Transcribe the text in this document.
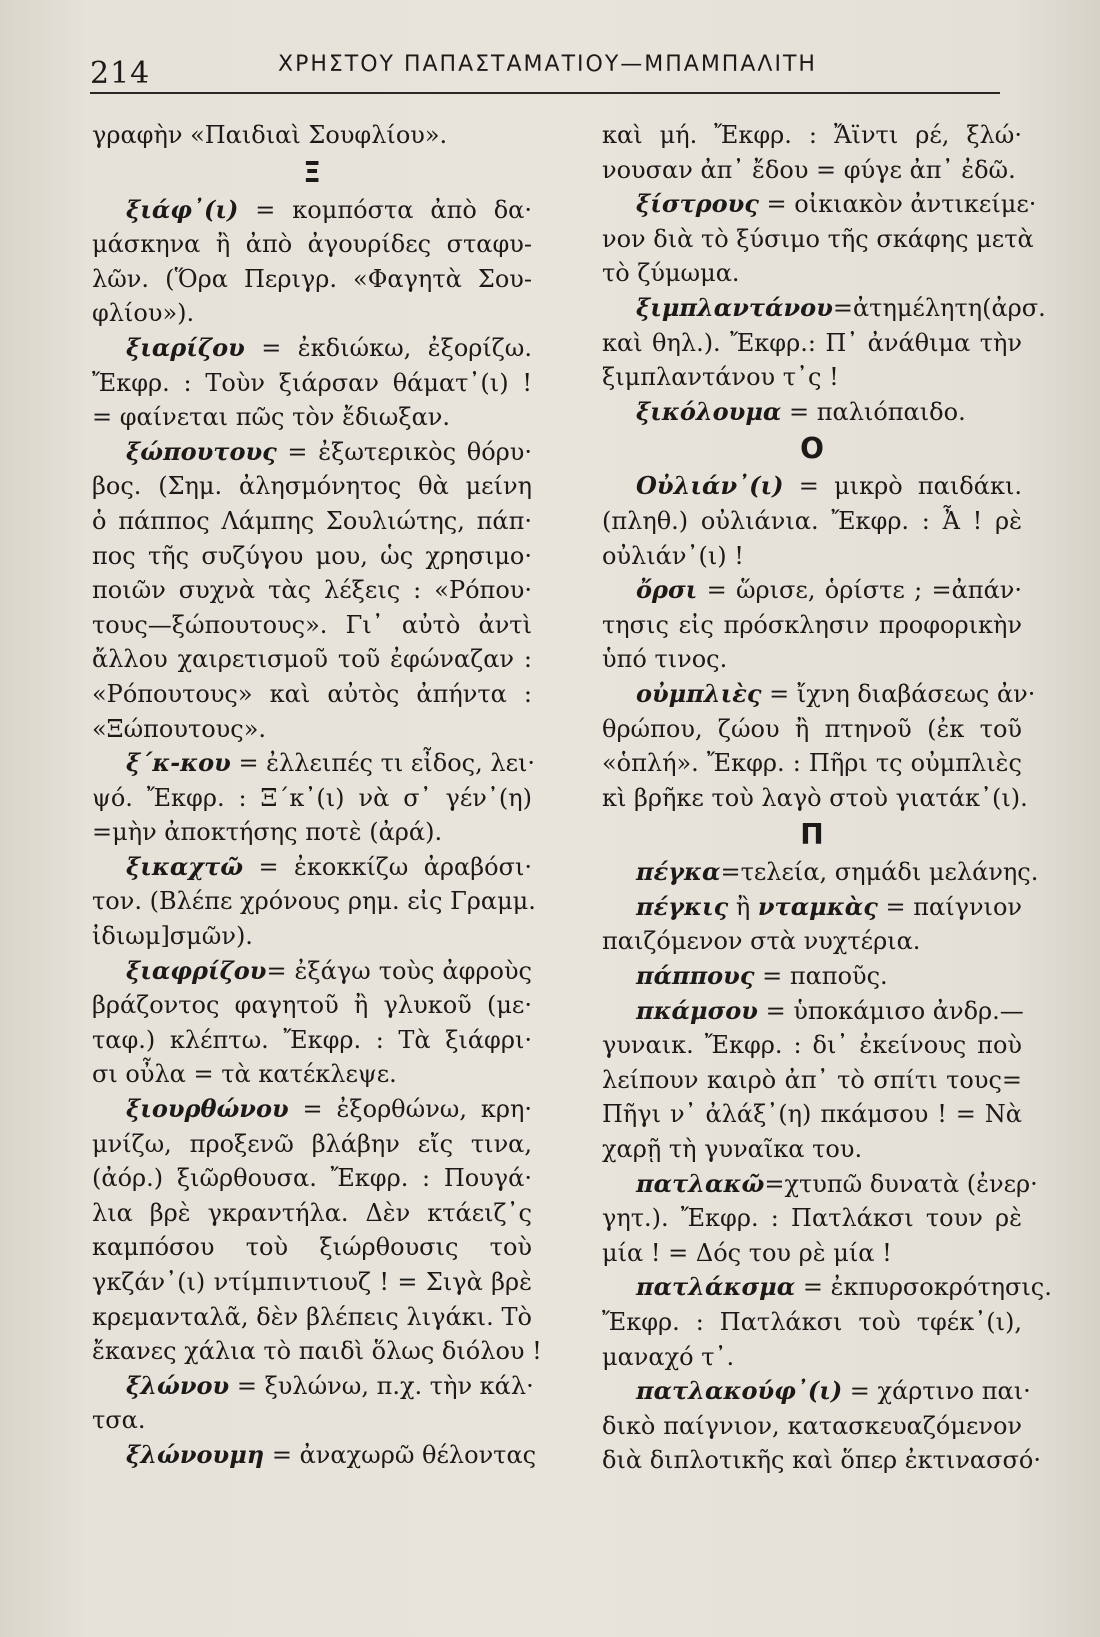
214	ΧΡΗΣΤΟΥ ΠΑΠΑΣΤΑΜΑΤΙΟΥ—ΜΠΑΜΠΑΛΙΤΗ
γραφὴν «Παιδιαὶ Σουφλίου».
Ξ
ξιάφ᾽(ι) = κομπόστα ἀπὸ δα·
μάσκηνα ἢ ἀπὸ ἀγουρίδες σταφυ-
λῶν. (Ὅρα Περιγρ. «Φαγητὰ Σου-
φλίου»).
ξιαρίζου = ἐκδιώκω, ἐξορίζω.
Ἔκφρ. : Τοὺν ξιάρσαν θάματ᾽(ι) !
= φαίνεται πῶς τὸν ἔδιωξαν.
ξώπουτους = ἐξωτερικὸς θόρυ·
βος. (Σημ. ἀλησμόνητος θὰ μείνη
ὁ πάππος Λάμπης Σουλιώτης, πάπ·
πος τῆς συζύγου μου, ὡς χρησιμο·
ποιῶν συχνὰ τὰς λέξεις : «Ρόπου·
τους—ξώπουτους». Γι᾽ αὐτὸ ἀντὶ
ἄλλου χαιρετισμοῦ τοῦ ἐφώναζαν :
«Ρόπουτους» καὶ αὐτὸς ἀπήντα :
«Ξώπουτους».
ξ΄κ-κου = ἐλλειπές τι εἶδος, λει·
ψό. Ἔκφρ. : Ξ΄κ᾽(ι) νὰ σ᾽ γέν᾽(η)
=μὴν ἀποκτήσης ποτὲ (ἀρά).
ξικαχτῶ = ἐκοκκίζω ἀραβόσι·
τον. (Βλέπε χρόνους ρημ. εἰς Γραμμ.
ἰδιωμ]σμῶν).
ξιαφρίζου= ἐξάγω τοὺς ἀφροὺς
βράζοντος φαγητοῦ ἢ γλυκοῦ (με·
ταφ.) κλέπτω. Ἔκφρ. : Τὰ ξιάφρι·
σι οὖλα = τὰ κατέκλεψε.
ξιουρθώνου = ἐξορθώνω, κρη·
μνίζω, προξενῶ βλάβην εἴς τινα,
(ἀόρ.) ξιῶρθουσα. Ἔκφρ. : Πουγά·
λια βρὲ γκραντήλα. Δὲν κτάειζ᾽ς
καμπόσου τοὺ ξιώρθουσις τοὺ
γκζάν᾽(ι) ντίμπιντιουζ ! = Σιγὰ βρὲ
κρεμανταλᾶ, δὲν βλέπεις λιγάκι. Τὸ
ἔκανες χάλια τὸ παιδὶ ὅλως διόλου !
ξλώνου = ξυλώνω, π.χ. τὴν κάλ·
τσα.
ξλώνουμη = ἀναχωρῶ θέλοντας
καὶ μή. Ἔκφρ. : Ἄϊντι ρέ, ξλώ·
νουσαν ἀπ᾽ ἔδου = φύγε ἀπ᾽ ἐδῶ.
ξίστρους = οἰκιακὸν ἀντικείμε·
νον διὰ τὸ ξύσιμο τῆς σκάφης μετὰ
τὸ ζύμωμα.
ξιμπλαντάνου=ἀτημέλητη(ἀρσ.
καὶ θηλ.). Ἔκφρ.: Π᾽ ἀνάθιμα τὴν
ξιμπλαντάνου τ᾽ς !
ξικόλουμα = παλιόπαιδο.
Ο
Οὐλιάν᾽(ι) = μικρὸ παιδάκι.
(πληθ.) οὐλιάνια. Ἔκφρ. : Ἆ ! ρὲ
οὐλιάν᾽(ι) !
ὄρσι = ὥρισε, ὁρίστε ; =ἀπάν·
τησις εἰς πρόσκλησιν προφορικὴν
ὑπό τινος.
οὐμπλιὲς = ἴχνη διαβάσεως ἀν·
θρώπου, ζώου ἢ πτηνοῦ (ἐκ τοῦ
«ὁπλή». Ἔκφρ. : Πῆρι τς οὐμπλιὲς
κὶ βρῆκε τοὺ λαγὸ στοὺ γιατάκ᾽(ι).
Π
πέγκα=τελεία, σημάδι μελάνης.
πέγκις ἢ νταμκὰς = παίγνιον
παιζόμενον στὰ νυχτέρια.
πάππους = παποῦς.
πκάμσου = ὑποκάμισο ἀνδρ.—
γυναικ. Ἔκφρ. : δι᾽ ἐκείνους ποὺ
λείπουν καιρὸ ἀπ᾽ τὸ σπίτι τους=
Πῆγι ν᾽ ἀλάξ᾽(η) πκάμσου ! = Νὰ
χαρῇ τὴ γυναῖκα του.
πατλακῶ=χτυπῶ δυνατὰ (ἐνερ·
γητ.). Ἔκφρ. : Πατλάκσι τουν ρὲ
μία ! = Δός του ρὲ μία !
πατλάκσμα = ἐκπυρσοκρότησις.
Ἔκφρ. : Πατλάκσι τοὺ τφέκ᾽(ι),
μαναχό τ᾽.
πατλακούφ᾽(ι) = χάρτινο παι·
δικὸ παίγνιον, κατασκευαζόμενον
διὰ διπλοτικῆς καὶ ὅπερ ἐκτινασσό·
